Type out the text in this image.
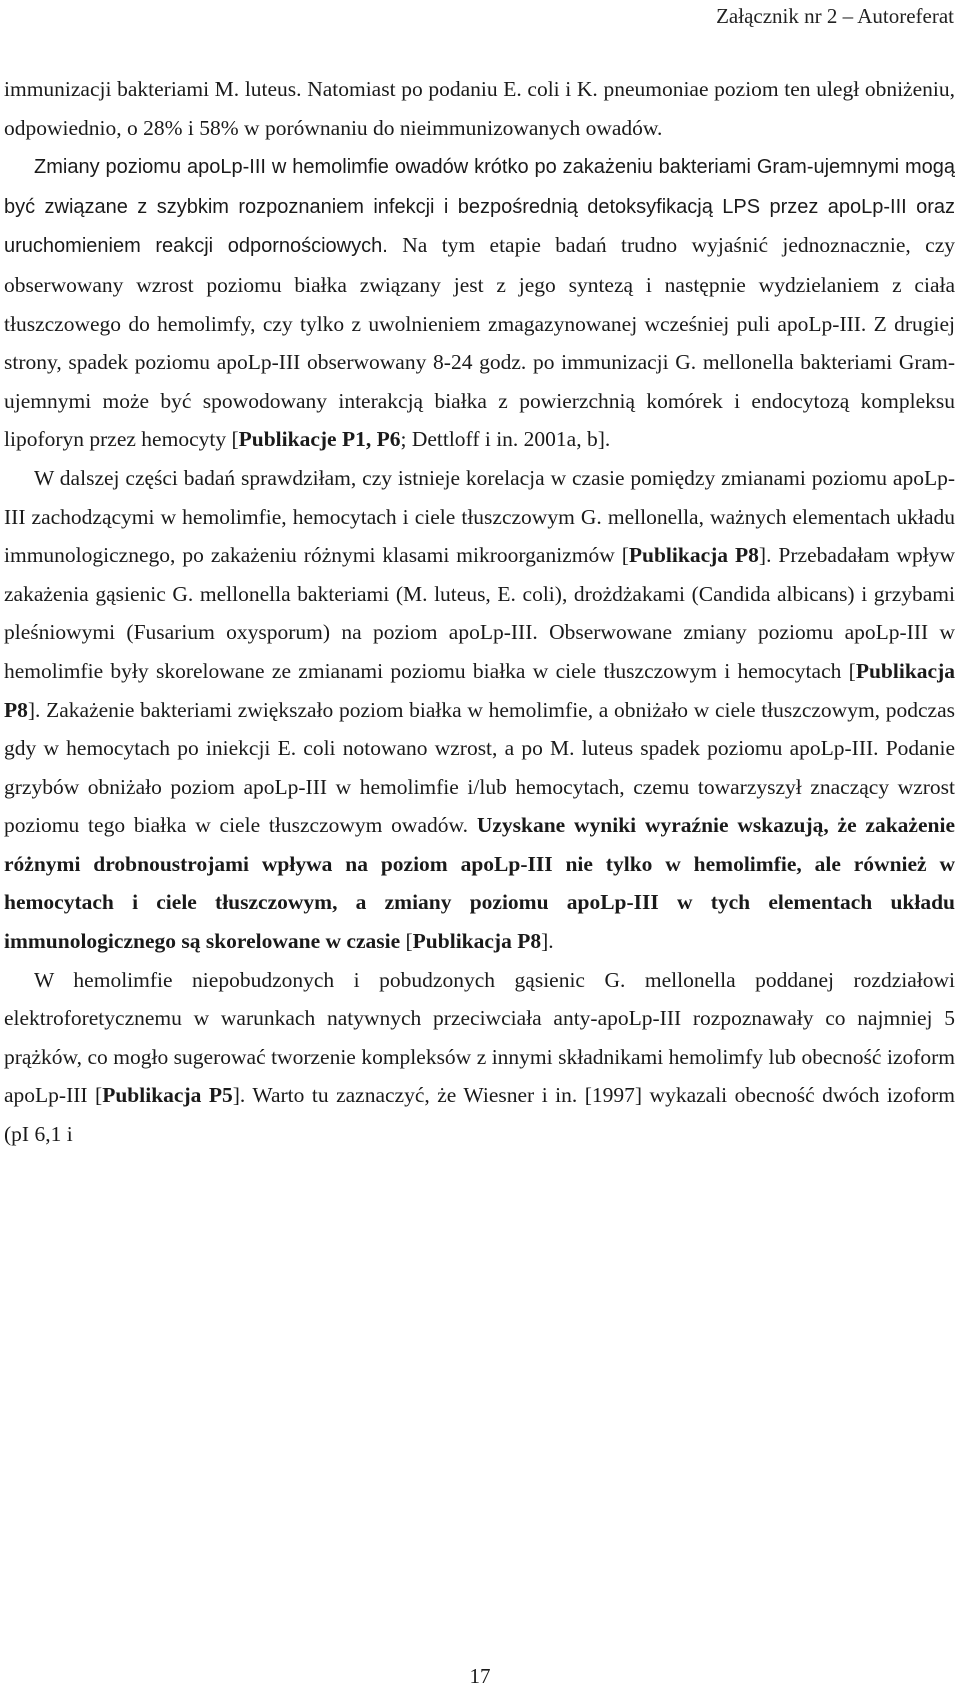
Załącznik nr 2 – Autoreferat

immunizacji bakteriami M. luteus. Natomiast po podaniu E. coli i K. pneumoniae poziom ten uległ obniżeniu, odpowiednio, o 28% i 58% w porównaniu do nieimmunizowanych owadów.

Zmiany poziomu apoLp-III w hemolimfie owadów krótko po zakażeniu bakteriami Gram-ujemnymi mogą być związane z szybkim rozpoznaniem infekcji i bezpośrednią detoksyfikacją LPS przez apoLp-III oraz uruchomieniem reakcji odpornościowych. Na tym etapie badań trudno wyjaśnić jednoznacznie, czy obserwowany wzrost poziomu białka związany jest z jego syntezą i następnie wydzielaniem z ciała tłuszczowego do hemolimfy, czy tylko z uwolnieniem zmagazynowanej wcześniej puli apoLp-III. Z drugiej strony, spadek poziomu apoLp-III obserwowany 8-24 godz. po immunizacji G. mellonella bakteriami Gram-ujemnymi może być spowodowany interakcją białka z powierzchnią komórek i endocytozą kompleksu lipoforyn przez hemocyty [Publikacje P1, P6; Dettloff i in. 2001a, b].

W dalszej części badań sprawdziłam, czy istnieje korelacja w czasie pomiędzy zmianami poziomu apoLp-III zachodzącymi w hemolimfie, hemocytach i ciele tłuszczowym G. mellonella, ważnych elementach układu immunologicznego, po zakażeniu różnymi klasami mikroorganizmów [Publikacja P8]. Przebadałam wpływ zakażenia gąsienic G. mellonella bakteriami (M. luteus, E. coli), drożdżakami (Candida albicans) i grzybami pleśniowymi (Fusarium oxysporum) na poziom apoLp-III. Obserwowane zmiany poziomu apoLp-III w hemolimfie były skorelowane ze zmianami poziomu białka w ciele tłuszczowym i hemocytach [Publikacja P8]. Zakażenie bakteriami zwiększało poziom białka w hemolimfie, a obniżało w ciele tłuszczowym, podczas gdy w hemocytach po iniekcji E. coli notowano wzrost, a po M. luteus spadek poziomu apoLp-III. Podanie grzybów obniżało poziom apoLp-III w hemolimfie i/lub hemocytach, czemu towarzyszył znaczący wzrost poziomu tego białka w ciele tłuszczowym owadów. Uzyskane wyniki wyraźnie wskazują, że zakażenie różnymi drobnoustrojami wpływa na poziom apoLp-III nie tylko w hemolimfie, ale również w hemocytach i ciele tłuszczowym, a zmiany poziomu apoLp-III w tych elementach układu immunologicznego są skorelowane w czasie [Publikacja P8].

W hemolimfie niepobudzonych i pobudzonych gąsienic G. mellonella poddanej rozdziałowi elektroforetycznemu w warunkach natywnych przeciwciała anty-apoLp-III rozpoznawały co najmniej 5 prążków, co mogło sugerować tworzenie kompleksów z innymi składnikami hemolimfy lub obecność izoform apoLp-III [Publikacja P5]. Warto tu zaznaczyć, że Wiesner i in. [1997] wykazali obecność dwóch izoform (pI 6,1 i

17
